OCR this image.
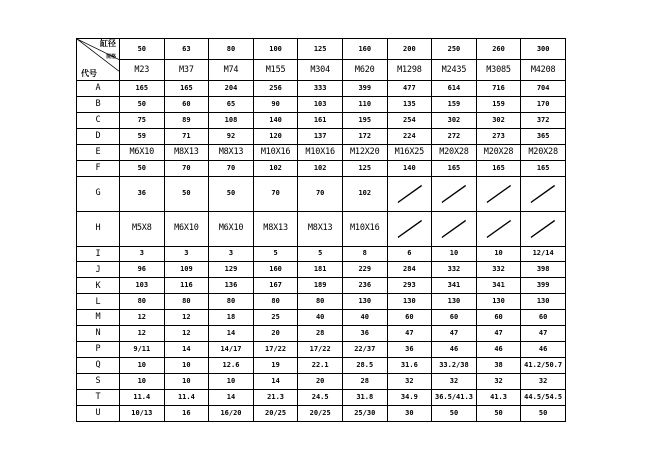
缸径
规格
代号	50	63	80	100	125	160	200	250	260	300
	M23	M37	M74	M155	M304	M620	M1298	M2435	M3085	M4208
A	165	165	204	256	333	399	477	614	716	704
B	50	60	65	90	103	110	135	159	159	170
C	75	89	108	140	161	195	254	302	302	372
D	59	71	92	120	137	172	224	272	273	365
E	M6X10	M8X13	M8X13	M10X16	M10X16	M12X20	M16X25	M20X28	M20X28	M20X28
F	50	70	70	102	102	125	140	165	165	165
G	36	50	50	70	70	102	

H	M5X8	M6X10	M6X10	M8X13	M8X13	M10X16	

I	3	3	3	5	5	8	6	10	10	12/14
J	96	109	129	160	181	229	284	332	332	398
K	103	116	136	167	189	236	293	341	341	399
L	80	80	80	80	80	130	130	130	130	130
M	12	12	18	25	40	40	60	60	60	60
N	12	12	14	20	28	36	47	47	47	47
P	9/11	14	14/17	17/22	17/22	22/37	36	46	46	46
Q	10	10	12.6	19	22.1	28.5	31.6	33.2/38	38	41.2/50.7
S	10	10	10	14	20	28	32	32	32	32
T	11.4	11.4	14	21.3	24.5	31.8	34.9	36.5/41.3	41.3	44.5/54.5
U	10/13	16	16/20	20/25	20/25	25/30	30	50	50	50
